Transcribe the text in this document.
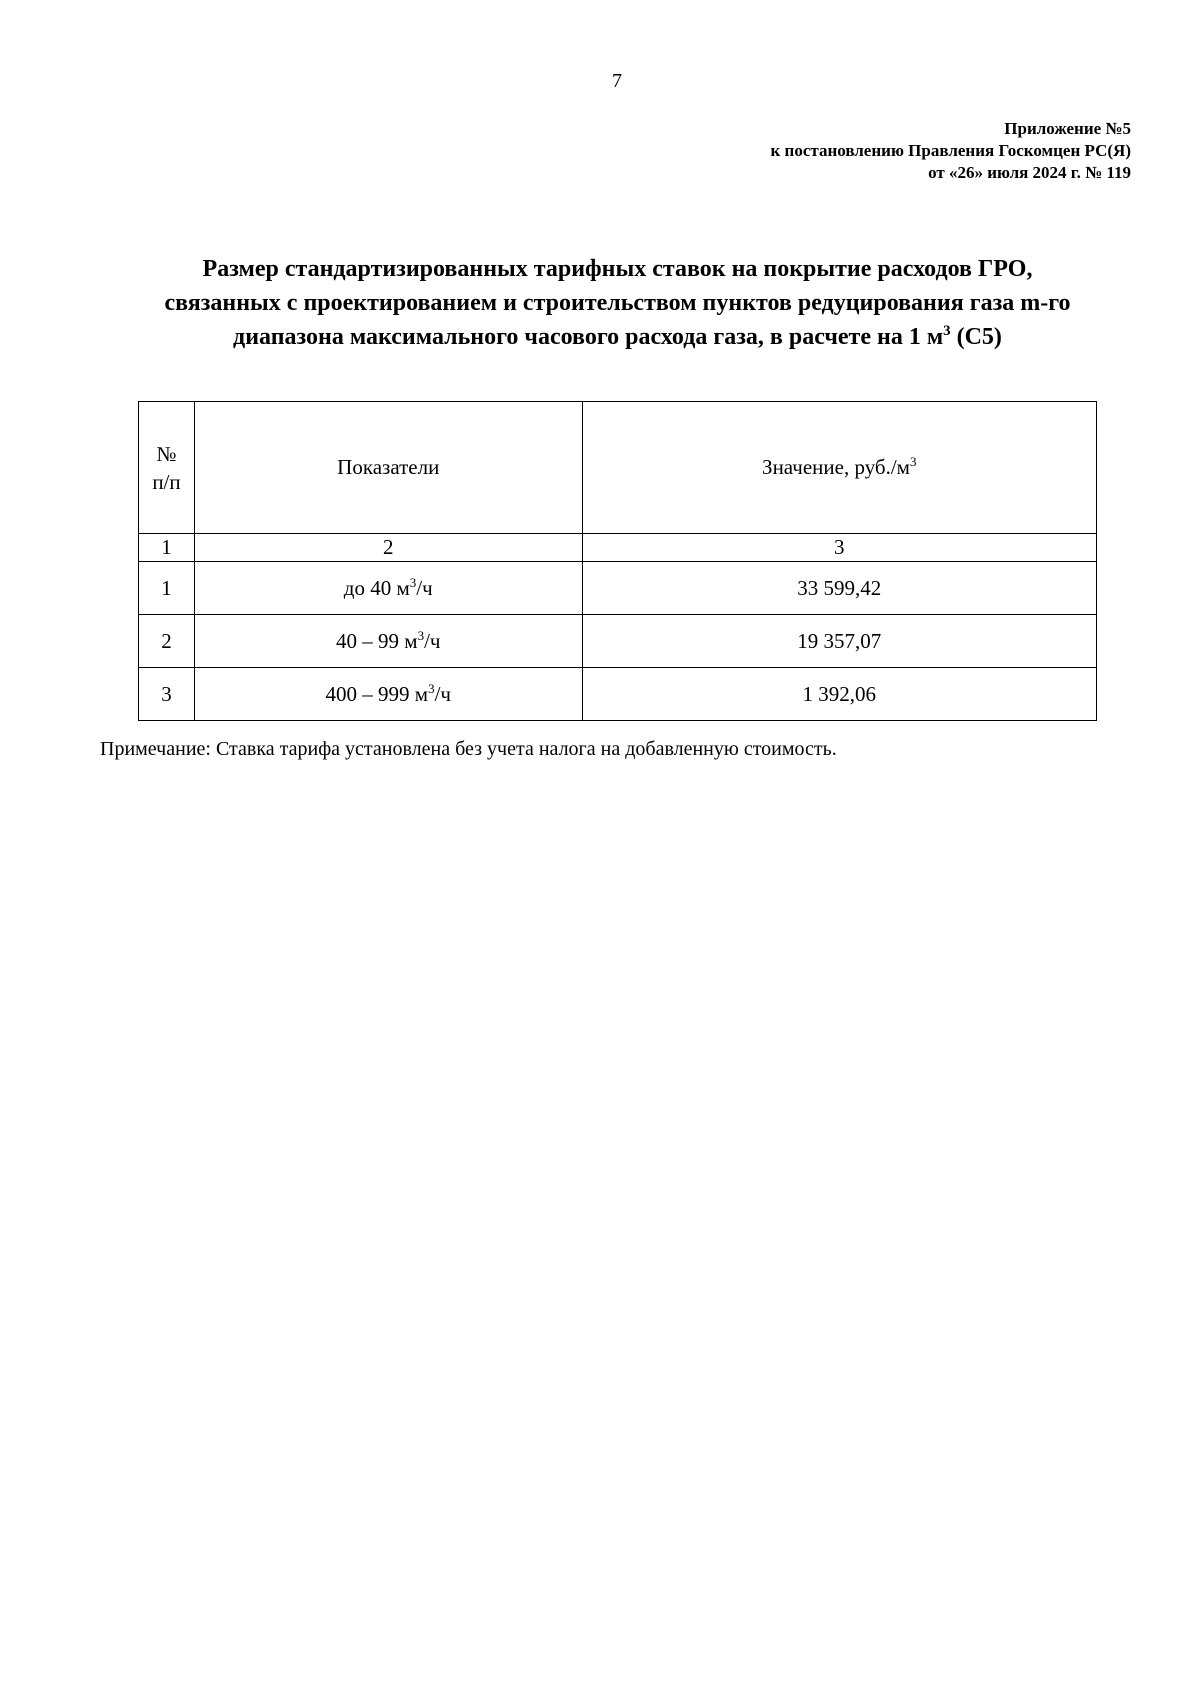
7
Приложение №5
к постановлению Правления Госкомцен РС(Я)
от «26» июля 2024 г. № 119
Размер стандартизированных тарифных ставок на покрытие расходов ГРО,
связанных с проектированием и строительством пунктов редуцирования газа m-го
диапазона максимального часового расхода газа, в расчете на 1 $м^3$ (С5)
№
п/п	Показатели	Значение, $руб./м^3$
1	2	3
1	до 40 $м^3/ч$	33 599,42
2	40 – 99 $м^3/ч$	19 357,07
3	400 – 999 $м^3/ч$	1 392,06
Примечание: Ставка тарифа установлена без учета налога на добавленную стоимость.
